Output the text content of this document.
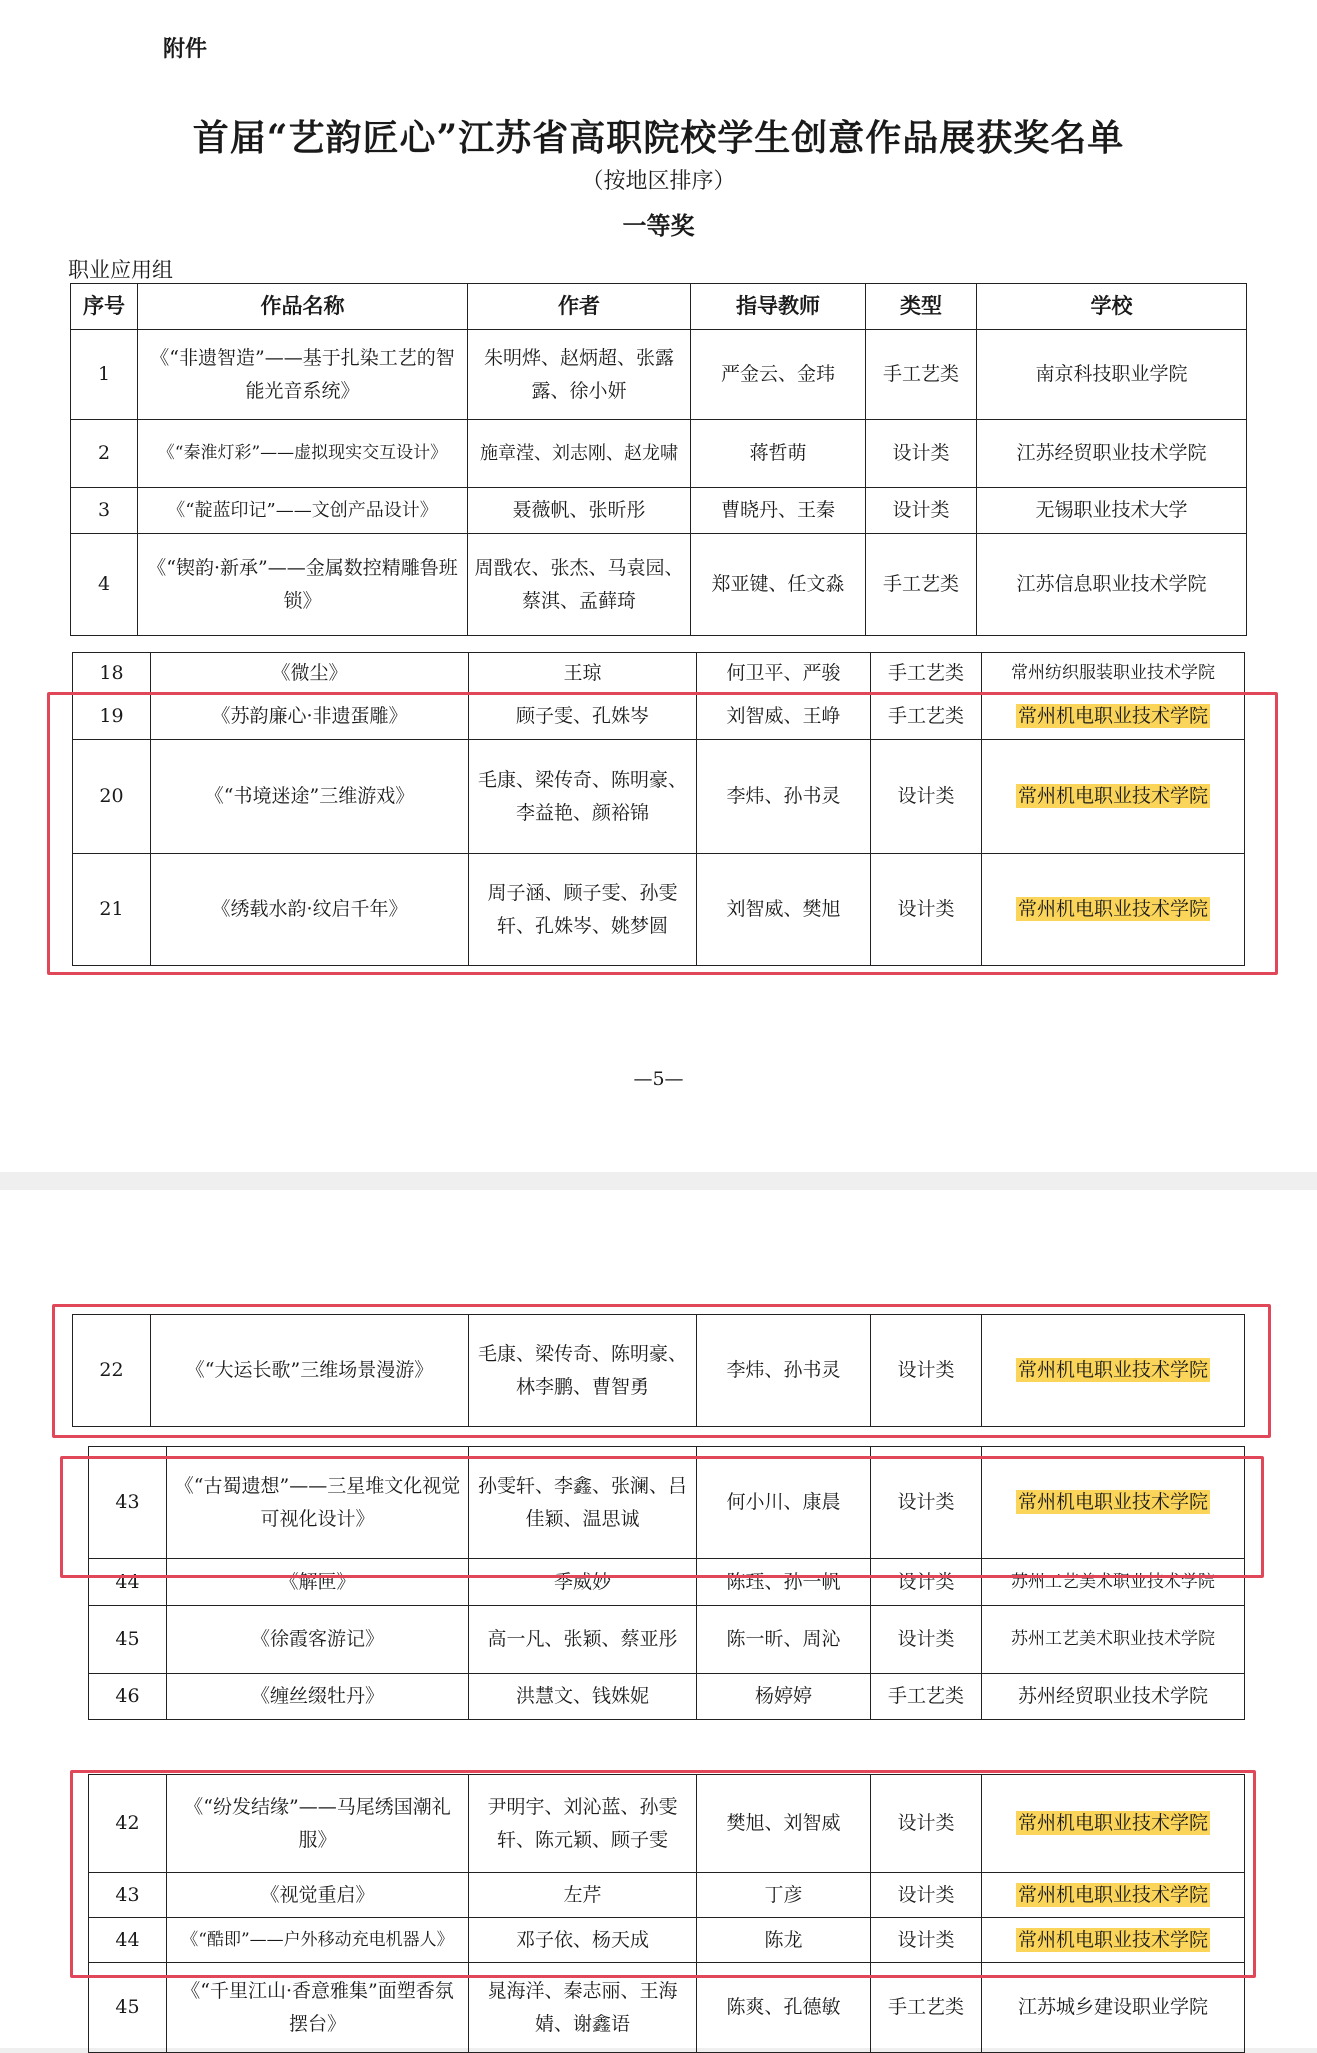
附件
首届“艺韵匠心”江苏省高职院校学生创意作品展获奖名单
（按地区排序）
一等奖
职业应用组
序号	作品名称	作者	指导教师	类型	学校
1	《“非遗智造”——基于扎染工艺的智能光音系统》	朱明烨、赵炳超、张露露、徐小妍	严金云、金玮	手工艺类	南京科技职业学院
2	《“秦淮灯彩”——虚拟现实交互设计》	施章滢、刘志刚、赵龙啸	蒋哲萌	设计类	江苏经贸职业技术学院
3	《“靛蓝印记”——文创产品设计》	聂薇帆、张昕彤	曹晓丹、王秦	设计类	无锡职业技术大学
4	《“锲韵·新承”——金属数控精雕鲁班锁》	周戬农、张杰、马袁园、蔡淇、孟藓琦	郑亚键、任文淼	手工艺类	江苏信息职业技术学院
18	《微尘》	王琼	何卫平、严骏	手工艺类	常州纺织服装职业技术学院
19	《苏韵廉心·非遗蛋雕》	顾子雯、孔姝岑	刘智威、王峥	手工艺类	常州机电职业技术学院
20	《“书境迷途”三维游戏》	毛康、梁传奇、陈明豪、李益艳、颜裕锦	李炜、孙书灵	设计类	常州机电职业技术学院
21	《绣载水韵·纹启千年》	周子涵、顾子雯、孙雯轩、孔姝岑、姚梦圆	刘智威、樊旭	设计类	常州机电职业技术学院
—5—
22	《“大运长歌”三维场景漫游》	毛康、梁传奇、陈明豪、林李鹏、曹智勇	李炜、孙书灵	设计类	常州机电职业技术学院
43	《“古蜀遗想”——三星堆文化视觉可视化设计》	孙雯轩、李鑫、张澜、吕佳颖、温思诚	何小川、康晨	设计类	常州机电职业技术学院
44	《解匣》	季威妙	陈珏、孙一帆	设计类	苏州工艺美术职业技术学院
45	《徐霞客游记》	高一凡、张颖、蔡亚彤	陈一昕、周沁	设计类	苏州工艺美术职业技术学院
46	《缠丝缀牡丹》	洪慧文、钱姝妮	杨婷婷	手工艺类	苏州经贸职业技术学院
42	《“纷发结缘”——马尾绣国潮礼服》	尹明宇、刘沁蓝、孙雯轩、陈元颖、顾子雯	樊旭、刘智威	设计类	常州机电职业技术学院
43	《视觉重启》	左芹	丁彦	设计类	常州机电职业技术学院
44	《“酷即”——户外移动充电机器人》	邓子依、杨天成	陈龙	设计类	常州机电职业技术学院
45	《“千里江山·香意雅集”面塑香氛摆台》	晁海洋、秦志丽、王海婧、谢鑫语	陈爽、孔德敏	手工艺类	江苏城乡建设职业学院
